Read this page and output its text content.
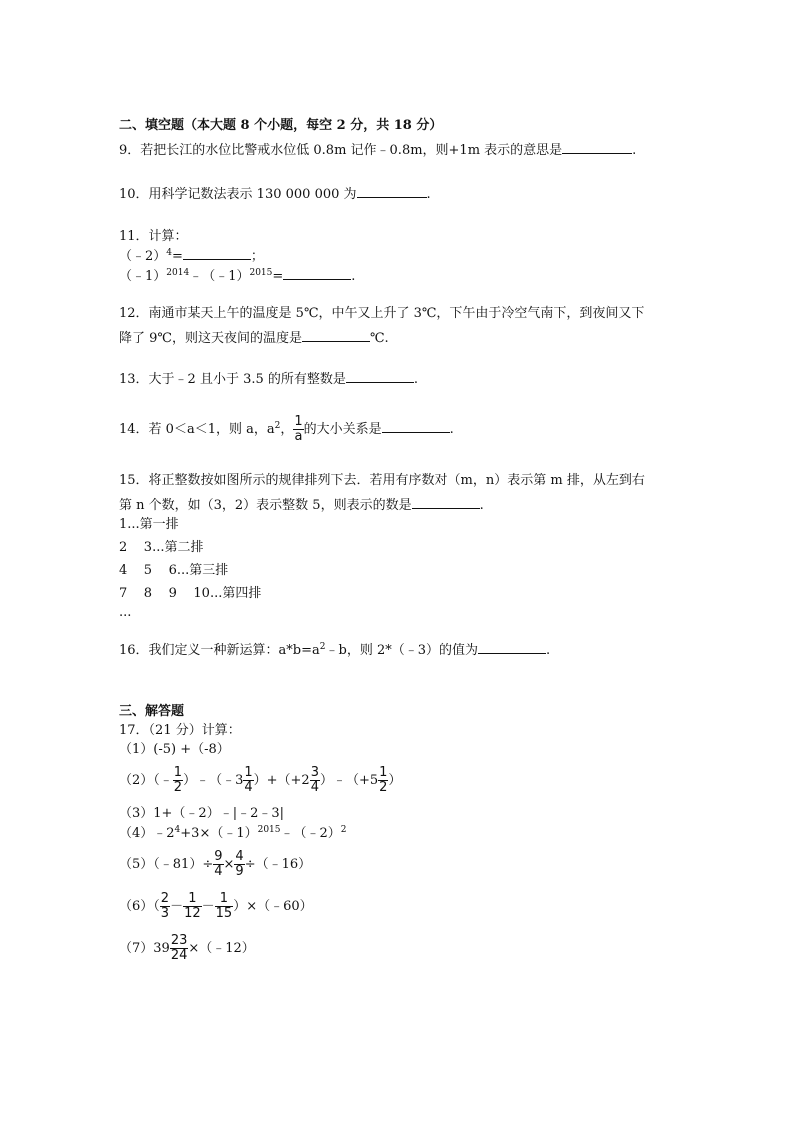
二、填空题（本大题 8 个小题，每空 2 分，共 18 分）
9．若把长江的水位比警戒水位低 0.8m 记作﹣0.8m，则+1m 表示的意思是	.
10．用科学记数法表示 130 000 000 为	.
11．计算：
（﹣2）$^4$=	；
（﹣1）$^{2014}$﹣（﹣1）$^{2015}$=	.
12．南通市某天上午的温度是 5℃，中午又上升了 3℃，下午由于冷空气南下，到夜间又下
降了 9℃，则这天夜间的温度是	℃.
13．大于﹣2 且小于 3.5 的所有整数是	.
14．若 0＜a＜1，则 a，$a^2$， $\frac{1}{a}$ 的大小关系是	.
15．将正整数按如图所示的规律排列下去．若用有序数对（m，n）表示第 m 排，从左到右
第 n 个数，如（3，2）表示整数 5，则表示的数是	.
1...第一排
2    3...第二排
4    5    6...第三排
7    8    9    10...第四排
...
16．我们定义一种新运算：$a*b=a^2﹣b$，则 2*（﹣3）的值为	.
三、解答题
17．（21 分）计算：
（1）(-5) +（-8）
（2）（﹣ $\frac{1}{2}$ ）﹣（﹣3 $\frac{1}{4} )+(+2 \frac{3}{4}$ ）﹣（+5 $\frac{1}{2}$ ）
（3）1+（﹣2）﹣|﹣2﹣3|
$(4)﹣2^4+3\times(﹣1)^{2015}﹣(﹣2)^2$
（5）（﹣81）÷ $\frac{9}{4} \times \frac{4}{9}$ ÷（﹣16）
$(6)( \frac{2}{3} - \frac{1}{12} - \frac{1}{15}$ ）×（﹣60）
$(7)39 \frac{23}{24}$ ×（﹣12）
